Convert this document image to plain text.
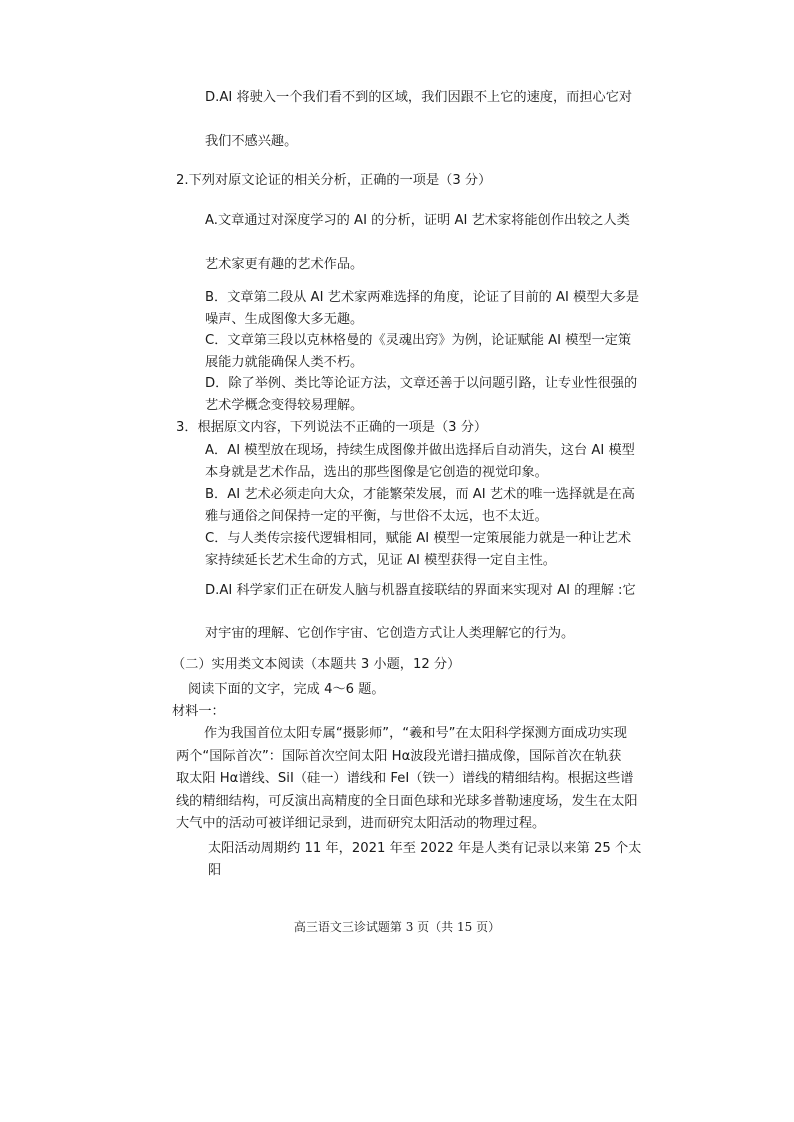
D.AI 将驶入一个我们看不到的区域，我们因跟不上它的速度，而担心它对
我们不感兴趣。
2.下列对原文论证的相关分析，正确的一项是（3 分）
A.文章通过对深度学习的 AI 的分析，证明 AI 艺术家将能创作出较之人类
艺术家更有趣的艺术作品。
B．文章第二段从 AI 艺术家两难选择的角度，论证了目前的 AI 模型大多是
噪声、生成图像大多无趣。
C．文章第三段以克林格曼的《灵魂出窍》为例，论证赋能 AI 模型一定策
展能力就能确保人类不朽。
D．除了举例、类比等论证方法，文章还善于以问题引路，让专业性很强的
艺术学概念变得较易理解。
3．根据原文内容，下列说法不正确的一项是（3 分）
A．AI 模型放在现场，持续生成图像并做出选择后自动消失，这台 AI 模型
本身就是艺术作品，选出的那些图像是它创造的视觉印象。
B．AI 艺术必须走向大众，才能繁荣发展，而 AI 艺术的唯一选择就是在高
雅与通俗之间保持一定的平衡，与世俗不太远，也不太近。
C．与人类传宗接代逻辑相同，赋能 AI 模型一定策展能力就是一种让艺术
家持续延长艺术生命的方式，见证 AI 模型获得一定自主性。
D.AI 科学家们正在研发人脑与机器直接联结的界面来实现对 AI 的理解 :它
对宇宙的理解、它创作宇宙、它创造方式让人类理解它的行为。
（二）实用类文本阅读（本题共 3 小题，12 分）
阅读下面的文字，完成 4～6 题。
材料一：
作为我国首位太阳专属“摄影师”，“羲和号”在太阳科学探测方面成功实现
两个“国际首次”：国际首次空间太阳 Hα波段光谱扫描成像，国际首次在轨获
取太阳 Hα谱线、SiI（硅一）谱线和 FeI（铁一）谱线的精细结构。根据这些谱
线的精细结构，可反演出高精度的全日面色球和光球多普勒速度场，发生在太阳
大气中的活动可被详细记录到，进而研究太阳活动的物理过程。
太阳活动周期约 11 年，2021 年至 2022 年是人类有记录以来第 25 个太
阳
高三语文三诊试题第 3 页（共 15 页）
